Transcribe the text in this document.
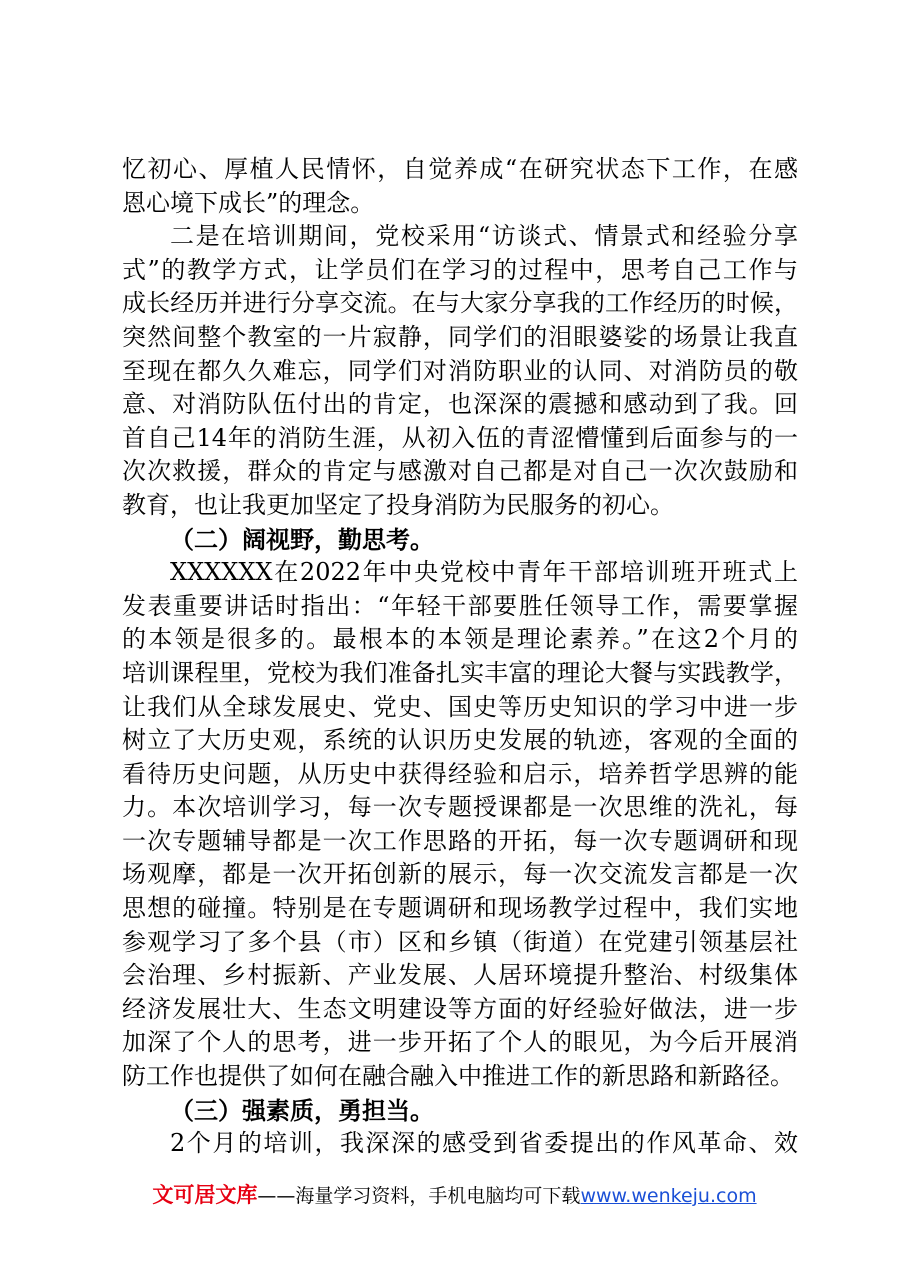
忆初心、厚植人民情怀，自觉养成“在研究状态下工作，在感
恩心境下成长”的理念。
二是在培训期间，党校采用“访谈式、情景式和经验分享
式”的教学方式，让学员们在学习的过程中，思考自己工作与
成长经历并进行分享交流。在与大家分享我的工作经历的时候，
突然间整个教室的一片寂静，同学们的泪眼婆娑的场景让我直
至现在都久久难忘，同学们对消防职业的认同、对消防员的敬
意、对消防队伍付出的肯定，也深深的震撼和感动到了我。回
首自己14年的消防生涯，从初入伍的青涩懵懂到后面参与的一
次次救援，群众的肯定与感激对自己都是对自己一次次鼓励和
教育，也让我更加坚定了投身消防为民服务的初心。
（二）阔视野，勤思考。
XXXXXX在2022年中央党校中青年干部培训班开班式上
发表重要讲话时指出：“年轻干部要胜任领导工作，需要掌握
的本领是很多的。最根本的本领是理论素养。”在这2个月的
培训课程里，党校为我们准备扎实丰富的理论大餐与实践教学，
让我们从全球发展史、党史、国史等历史知识的学习中进一步
树立了大历史观，系统的认识历史发展的轨迹，客观的全面的
看待历史问题，从历史中获得经验和启示，培养哲学思辨的能
力。本次培训学习，每一次专题授课都是一次思维的洗礼，每
一次专题辅导都是一次工作思路的开拓，每一次专题调研和现
场观摩，都是一次开拓创新的展示，每一次交流发言都是一次
思想的碰撞。特别是在专题调研和现场教学过程中，我们实地
参观学习了多个县（市）区和乡镇（街道）在党建引领基层社
会治理、乡村振新、产业发展、人居环境提升整治、村级集体
经济发展壮大、生态文明建设等方面的好经验好做法，进一步
加深了个人的思考，进一步开拓了个人的眼见，为今后开展消
防工作也提供了如何在融合融入中推进工作的新思路和新路径。
（三）强素质，勇担当。
2个月的培训，我深深的感受到省委提出的作风革命、效
文可居文库——海量学习资料，手机电脑均可下载www.wenkeju.com
